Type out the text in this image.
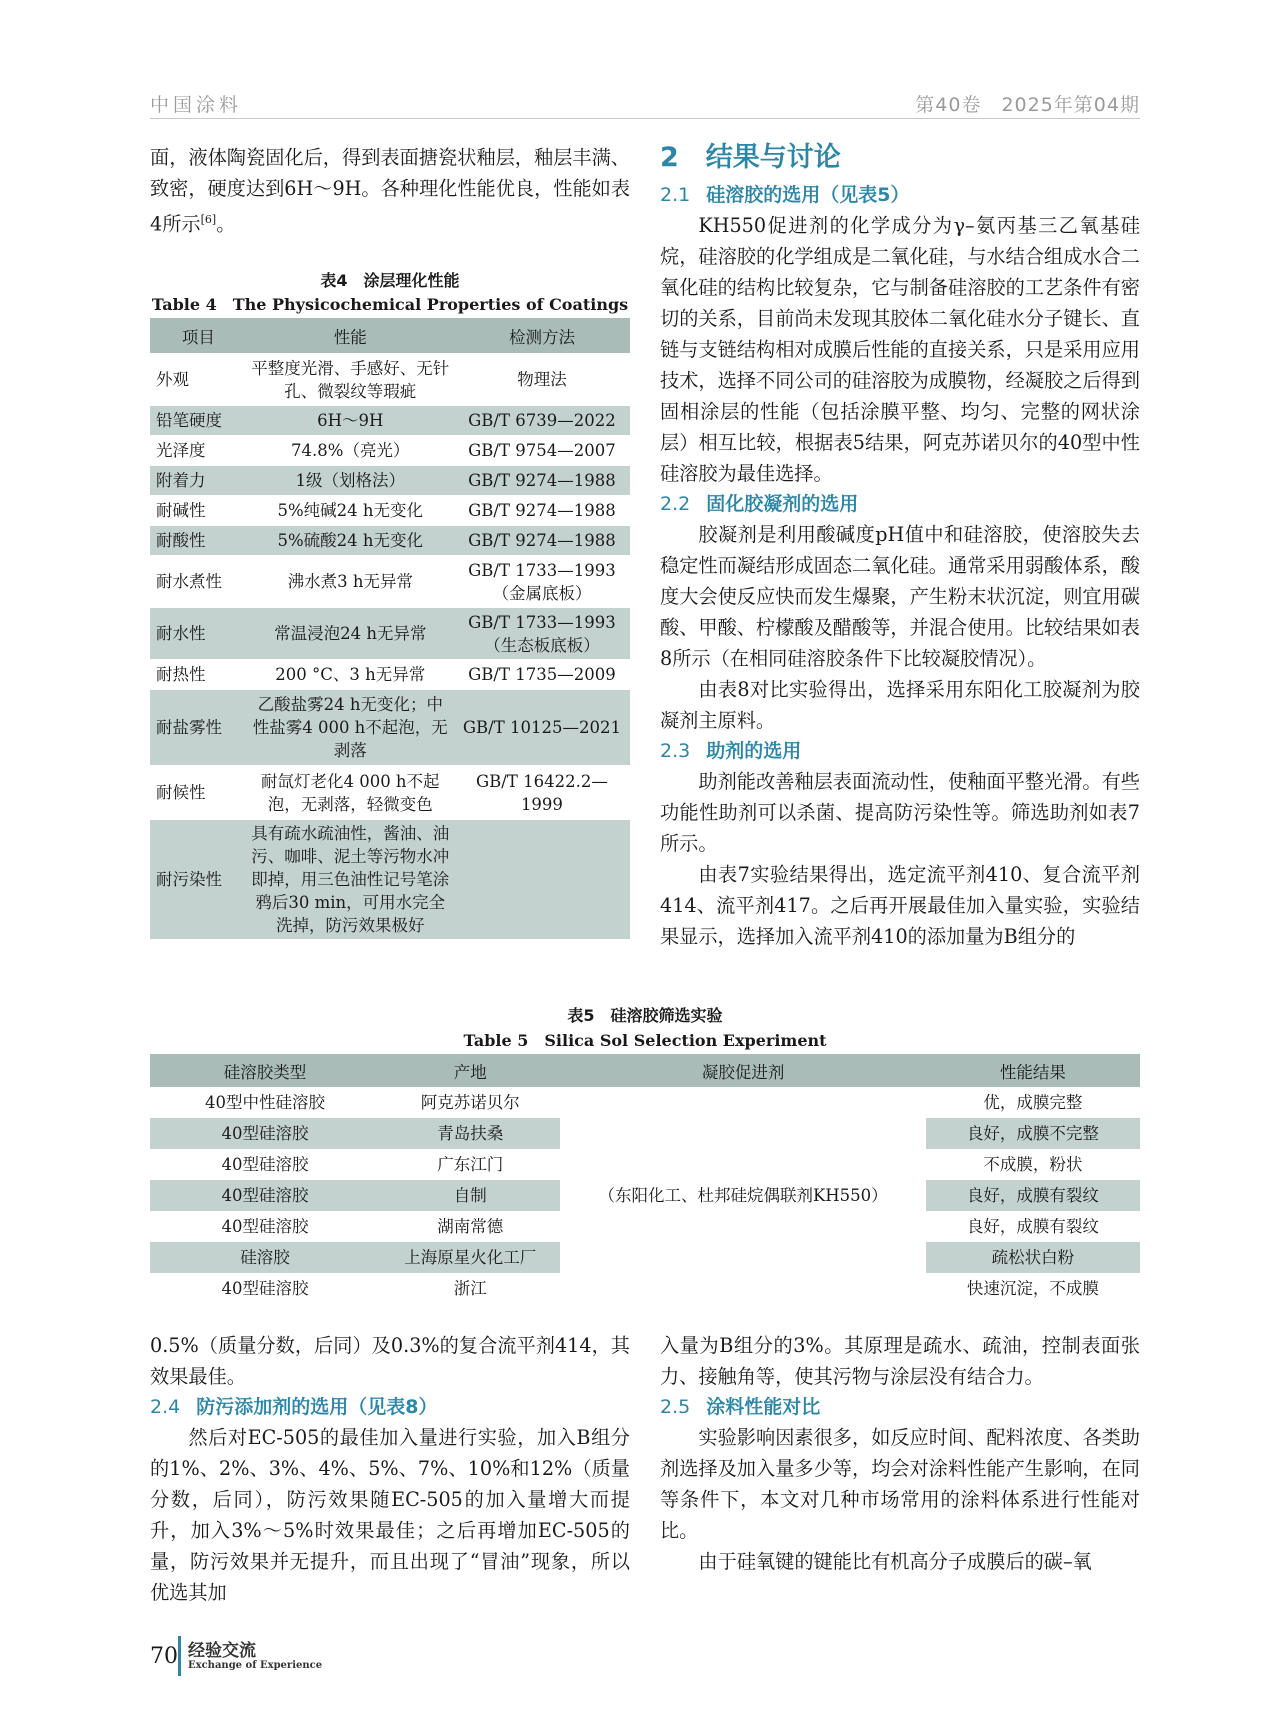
中国涂料	第40卷　2025年第04期

面，液体陶瓷固化后，得到表面搪瓷状釉层，釉层丰满、致密，硬度达到6H～9H。各种理化性能优良，性能如表4所示[6]。

表4　涂层理化性能
Table 4　The Physicochemical Properties of Coatings
项目	性能	检测方法
外观	平整度光滑、手感好、无针孔、微裂纹等瑕疵	物理法
铅笔硬度	6H～9H	GB/T 6739—2022
光泽度	74.8%（亮光）	GB/T 9754—2007
附着力	1级（划格法）	GB/T 9274—1988
耐碱性	5%纯碱24 h无变化	GB/T 9274—1988
耐酸性	5%硫酸24 h无变化	GB/T 9274—1988
耐水煮性	沸水煮3 h无异常	GB/T 1733—1993（金属底板）
耐水性	常温浸泡24 h无异常	GB/T 1733—1993（生态板底板）
耐热性	200 °C、3 h无异常	GB/T 1735—2009
耐盐雾性	乙酸盐雾24 h无变化；中性盐雾4 000 h不起泡，无剥落	GB/T 10125—2021
耐候性	耐氙灯老化4 000 h不起泡，无剥落，轻微变色	GB/T 16422.2—1999
耐污染性	具有疏水疏油性，酱油、油污、咖啡、泥土等污物水冲即掉，用三色油性记号笔涂鸦后30 min，可用水完全洗掉，防污效果极好	

2　结果与讨论

2.1 硅溶胶的选用（见表5）

KH550促进剂的化学成分为γ–氨丙基三乙氧基硅烷，硅溶胶的化学组成是二氧化硅，与水结合组成水合二氧化硅的结构比较复杂，它与制备硅溶胶的工艺条件有密切的关系，目前尚未发现其胶体二氧化硅水分子键长、直链与支链结构相对成膜后性能的直接关系，只是采用应用技术，选择不同公司的硅溶胶为成膜物，经凝胶之后得到固相涂层的性能（包括涂膜平整、均匀、完整的网状涂层）相互比较，根据表5结果，阿克苏诺贝尔的40型中性硅溶胶为最佳选择。

2.2 固化胶凝剂的选用

胶凝剂是利用酸碱度pH值中和硅溶胶，使溶胶失去稳定性而凝结形成固态二氧化硅。通常采用弱酸体系，酸度大会使反应快而发生爆聚，产生粉末状沉淀，则宜用碳酸、甲酸、柠檬酸及醋酸等，并混合使用。比较结果如表8所示（在相同硅溶胶条件下比较凝胶情况）。

由表8对比实验得出，选择采用东阳化工胶凝剂为胶凝剂主原料。

2.3 助剂的选用

助剂能改善釉层表面流动性，使釉面平整光滑。有些功能性助剂可以杀菌、提高防污染性等。筛选助剂如表7所示。

由表7实验结果得出，选定流平剂410、复合流平剂414、流平剂417。之后再开展最佳加入量实验，实验结果显示，选择加入流平剂410的添加量为B组分的

表5　硅溶胶筛选实验
Table 5　Silica Sol Selection Experiment
硅溶胶类型	产地	凝胶促进剂	性能结果
40型中性硅溶胶	阿克苏诺贝尔	（东阳化工、杜邦硅烷偶联剂KH550）	优，成膜完整
40型硅溶胶	青岛扶桑		良好，成膜不完整
40型硅溶胶	广东江门		不成膜，粉状
40型硅溶胶	自制		良好，成膜有裂纹
40型硅溶胶	湖南常德		良好，成膜有裂纹
硅溶胶	上海原星火化工厂		疏松状白粉
40型硅溶胶	浙江		快速沉淀，不成膜

0.5%（质量分数，后同）及0.3%的复合流平剂414，其效果最佳。

2.4 防污添加剂的选用（见表8）

然后对EC-505的最佳加入量进行实验，加入B组分的1%、2%、3%、4%、5%、7%、10%和12%（质量分数，后同），防污效果随EC-505的加入量增大而提升，加入3%～5%时效果最佳；之后再增加EC-505的量，防污效果并无提升，而且出现了“冒油”现象，所以优选其加

入量为B组分的3%。其原理是疏水、疏油，控制表面张力、接触角等，使其污物与涂层没有结合力。

2.5 涂料性能对比

实验影响因素很多，如反应时间、配料浓度、各类助剂选择及加入量多少等，均会对涂料性能产生影响，在同等条件下，本文对几种市场常用的涂料体系进行性能对比。

由于硅氧键的键能比有机高分子成膜后的碳–氧

70 经验交流
Exchange of Experience
